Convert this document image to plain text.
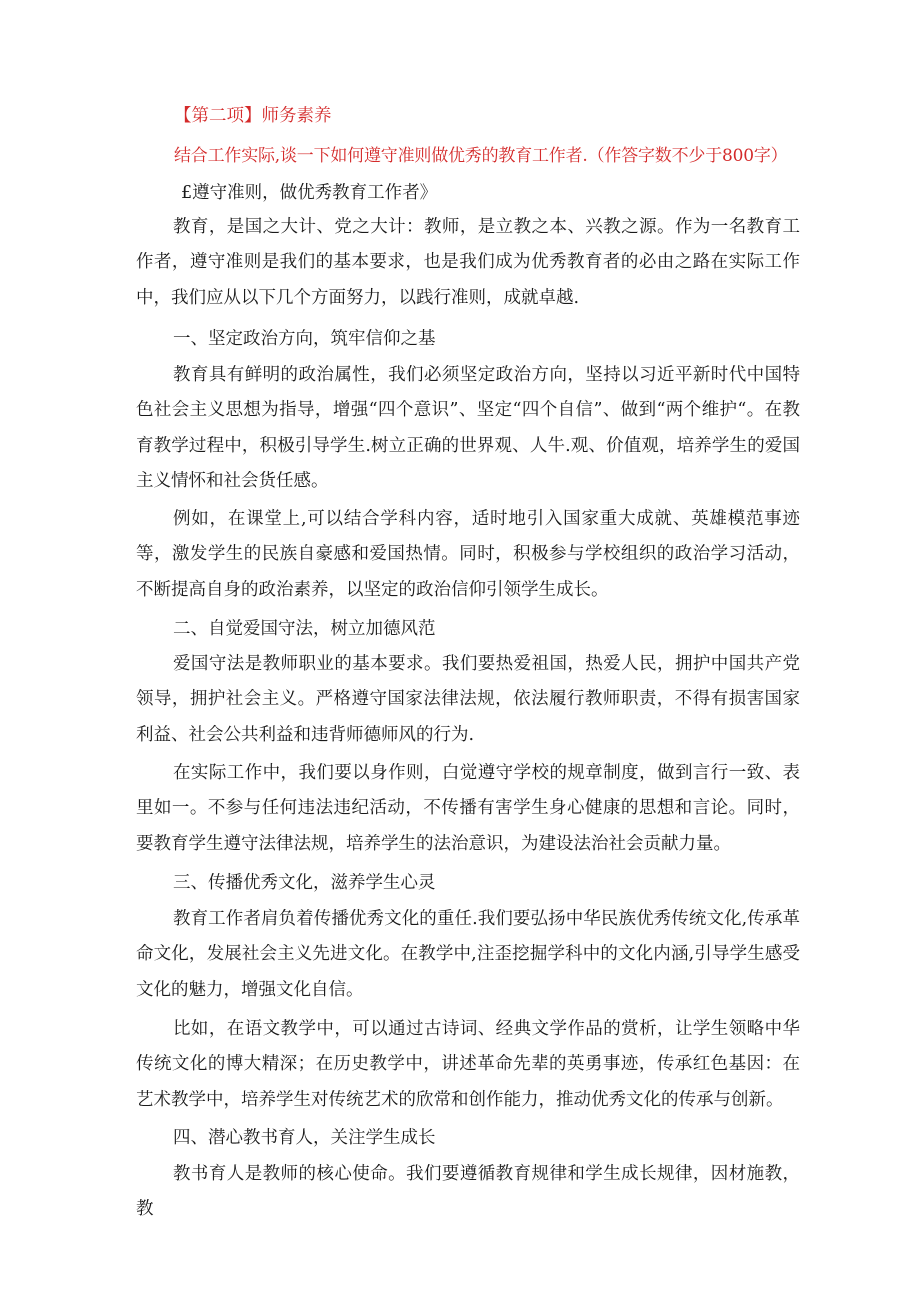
【第二项】师务素养
结合工作实际,谈一下如何遵守准则做优秀的教育工作者.（作答字数不少于800字）
£遵守准则，做优秀教育工作者》
教育，是国之大计、党之大计：教师，是立教之本、兴教之源。作为一名教育工作者，遵守准则是我们的基本要求，也是我们成为优秀教育者的必由之路在实际工作中，我们应从以下几个方面努力，以践行准则，成就卓越.
一、坚定政治方向，筑牢信仰之基
教育具有鲜明的政治属性，我们必须坚定政治方向，坚持以习近平新时代中国特色社会主义思想为指导，增强“四个意识”、坚定“四个自信”、做到“两个维护“。在教育教学过程中，积极引导学生.树立正确的世界观、人牛.观、价值观，培养学生的爱国主义情怀和社会货任感。
例如，在课堂上,可以结合学科内容，适时地引入国家重大成就、英雄模范事迹等，激发学生的民族自豪感和爱国热情。同时，积极参与学校组织的政治学习活动，不断提高自身的政治素养，以坚定的政治信仰引领学生成长。
二、自觉爱国守法，树立加德风范
爱国守法是教师职业的基本要求。我们要热爱祖国，热爱人民，拥护中国共产党领导，拥护社会主义。严格遵守国家法律法规，依法履行教师职责，不得有损害国家利益、社会公共利益和违背师德师风的行为.
在实际工作中，我们要以身作则，白觉遵守学校的规章制度，做到言行一致、表里如一。不参与任何违法违纪活动，不传播有害学生身心健康的思想和言论。同时，要教育学生遵守法律法规，培养学生的法治意识，为建设法治社会贡献力量。
三、传播优秀文化，滋养学生心灵
教育工作者肩负着传播优秀文化的重任.我们要弘扬中华民族优秀传统文化,传承革命文化，发展社会主义先进文化。在教学中,注歪挖掘学科中的文化内涵,引导学生感受文化的魅力，增强文化自信。
比如，在语文教学中，可以通过古诗词、经典文学作品的赏析，让学生领略中华传统文化的博大精深；在历史教学中，讲述革命先辈的英勇事迹，传承红色基因：在艺术教学中，培养学生对传统艺术的欣常和创作能力，推动优秀文化的传承与创新。
四、潜心教书育人，关注学生成长
教书育人是教师的核心使命。我们要遵循教育规律和学生成长规律，因材施教，教
